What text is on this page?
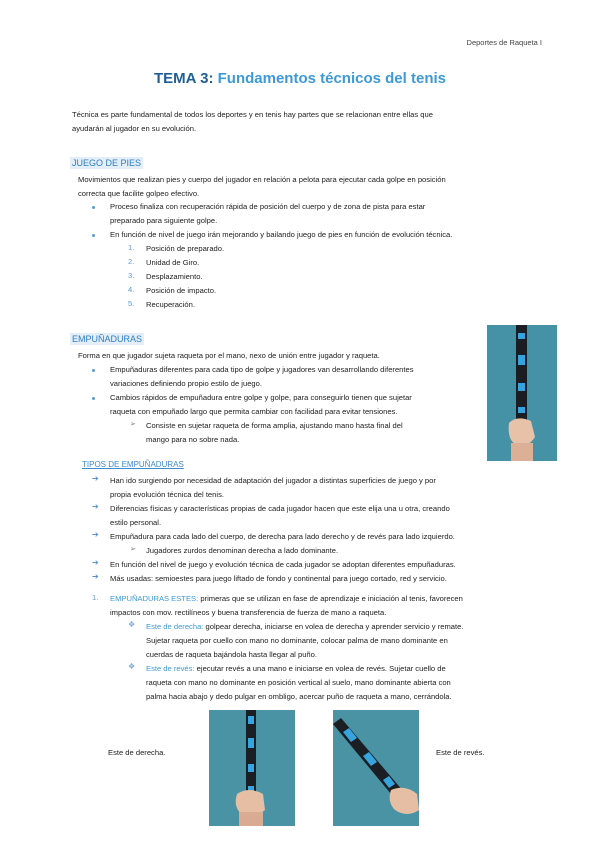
Deportes de Raqueta I
TEMA 3: Fundamentos técnicos del tenis
Técnica es parte fundamental de todos los deportes y en tenis hay partes que se relacionan entre ellas que
ayudarán al jugador en su evolución.
JUEGO DE PIES
Movimientos que realizan pies y cuerpo del jugador en relación a pelota para ejecutar cada golpe en posición
correcta que facilite golpeo efectivo.
Proceso finaliza con recuperación rápida de posición del cuerpo y de zona de pista para estar
preparado para siguiente golpe.
En función de nivel de juego irán mejorando y bailando juego de pies en función de evolución técnica.
1. Posición de preparado.
2. Unidad de Giro.
3. Desplazamiento.
4. Posición de impacto.
5. Recuperación.
EMPUÑADURAS
Forma en que jugador sujeta raqueta por el mano, nexo de unión entre jugador y raqueta.
Empuñaduras diferentes para cada tipo de golpe y jugadores van desarrollando diferentes
variaciones definiendo propio estilo de juego.
Cambios rápidos de empuñadura entre golpe y golpe, para conseguirlo tienen que sujetar
raqueta con empuñado largo que permita cambiar con facilidad para evitar tensiones.
➢ Consiste en sujetar raqueta de forma amplia, ajustando mano hasta final del
mango para no sobre nada.
TIPOS DE EMPUÑADURAS
➔ Han ido surgiendo por necesidad de adaptación del jugador a distintas superficies de juego y por
propia evolución técnica del tenis.
➔ Diferencias físicas y características propias de cada jugador hacen que este elija una u otra, creando
estilo personal.
➔ Empuñadura para cada lado del cuerpo, de derecha para lado derecho y de revés para lado izquierdo.
➢ Jugadores zurdos denominan derecha a lado dominante.
➔ En función del nivel de juego y evolución técnica de cada jugador se adoptan diferentes empuñaduras.
➔ Más usadas: semioestes para juego liftado de fondo y continental para juego cortado, red y servicio.
1. EMPUÑADURAS ESTES: primeras que se utilizan en fase de aprendizaje e iniciación al tenis, favorecen
impactos con mov. rectilíneos y buena transferencia de fuerza de mano a raqueta.
❖ Este de derecha: golpear derecha, iniciarse en volea de derecha y aprender servicio y remate.
Sujetar raqueta por cuello con mano no dominante, colocar palma de mano dominante en
cuerdas de raqueta bajándola hasta llegar al puño.
❖ Este de revés: ejecutar revés a una mano e iniciarse en volea de revés. Sujetar cuello de
raqueta con mano no dominante en posición vertical al suelo, mano dominante abierta con
palma hacia abajo y dedo pulgar en ombligo, acercar puño de raqueta a mano, cerrándola.
Este de derecha.	Este de revés.
